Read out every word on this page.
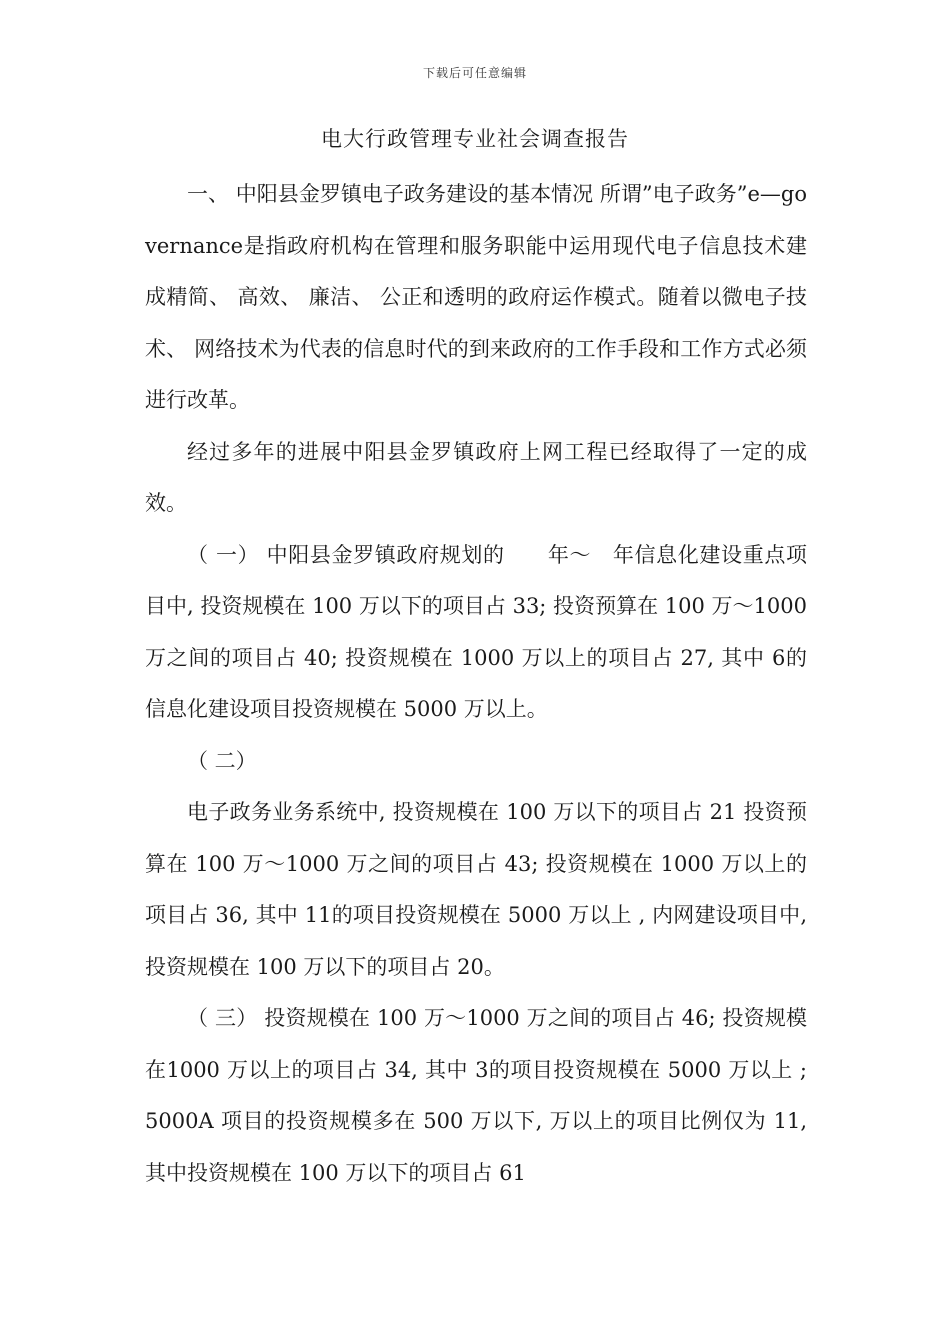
下载后可任意编辑
电大行政管理专业社会调查报告

一、 中阳县金罗镇电子政务建设的基本情况 所谓”电子政务”e—governance是指政府机构在管理和服务职能中运用现代电子信息技术建成精简、 高效、 廉洁、 公正和透明的政府运作模式。随着以微电子技术、 网络技术为代表的信息时代的到来政府的工作手段和工作方式必须进行改革。

经过多年的进展中阳县金罗镇政府上网工程已经取得了一定的成效。

（ 一） 中阳县金罗镇政府规划的　　年～　年信息化建设重点项目中, 投资规模在 100 万以下的项目占 33; 投资预算在 100 万～1000 万之间的项目占 40; 投资规模在 1000 万以上的项目占 27, 其中 6的信息化建设项目投资规模在 5000 万以上。

（ 二）

电子政务业务系统中, 投资规模在 100 万以下的项目占 21 投资预算在 100 万～1000 万之间的项目占 43; 投资规模在 1000 万以上的项目占 36, 其中 11的项目投资规模在 5000 万以上 , 内网建设项目中, 投资规模在 100 万以下的项目占 20。

（ 三） 投资规模在 100 万～1000 万之间的项目占 46; 投资规模在1000 万以上的项目占 34, 其中 3的项目投资规模在 5000 万以上 ; 5000A 项目的投资规模多在 500 万以下, 万以上的项目比例仅为 11, 其中投资规模在 100 万以下的项目占 61
